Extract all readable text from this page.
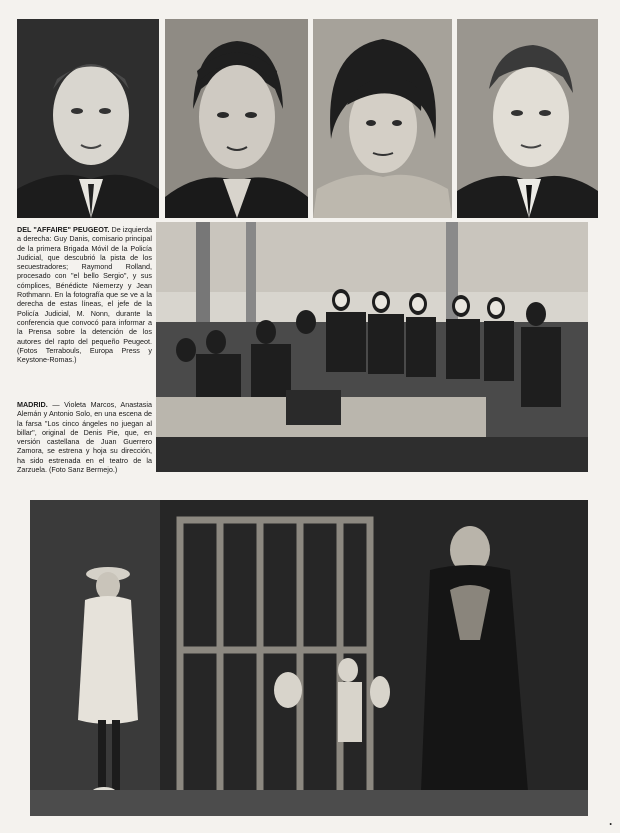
DEL "AFFAIRE" PEUGEOT. De izquierda a derecha: Guy Danis, comisario principal de la primera Brigada Móvil de la Policía Judicial, que descubrió la pista de los secuestradores; Raymond Rolland, procesado con "el bello Sergio", y sus cómplices, Bénédicte Niemerzy y Jean Rothmann. En la fotografía que se ve a la derecha de estas líneas, el jefe de la Policía Judicial, M. Nonn, durante la conferencia que convocó para informar a la Prensa sobre la detención de los autores del rapto del pequeño Peugeot. (Fotos Terrabouls, Europa Press y Keystone-Romas.)
MADRID. — Violeta Marcos, Anastasia Alemán y Antonio Solo, en una escena de la farsa "Los cinco ángeles no juegan al billar", original de Denis Pie, que, en versión castellana de Juan Guerrero Zamora, se estrena y hoja su dirección, ha sido estrenada en el teatro de la Zarzuela. (Foto Sanz Bermejo.)
•
